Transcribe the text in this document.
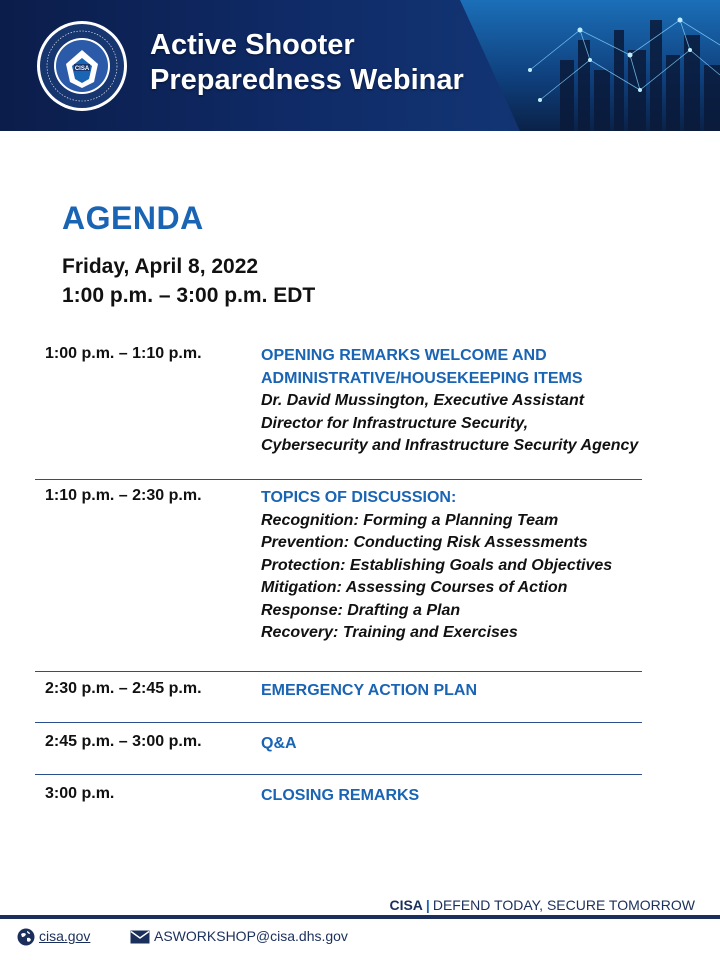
CISA
Active Shooter
Preparedness Webinar
AGENDA
Friday, April 8, 2022
1:00 p.m. – 3:00 p.m. EDT
1:00 p.m. – 1:10 p.m.	OPENING REMARKS WELCOME AND
ADMINISTRATIVE/HOUSEKEEPING ITEMS
Dr. David Mussington, Executive Assistant
Director for Infrastructure Security,
Cybersecurity and Infrastructure Security Agency
1:10 p.m. – 2:30 p.m.	TOPICS OF DISCUSSION:
Recognition: Forming a Planning Team
Prevention: Conducting Risk Assessments
Protection: Establishing Goals and Objectives
Mitigation: Assessing Courses of Action
Response: Drafting a Plan
Recovery: Training and Exercises
2:30 p.m. – 2:45 p.m.	EMERGENCY ACTION PLAN
2:45 p.m. – 3:00 p.m.	Q&A
3:00 p.m.	CLOSING REMARKS
CISA | DEFEND TODAY, SECURE TOMORROW
cisa.gov	ASWORKSHOP@cisa.dhs.gov
